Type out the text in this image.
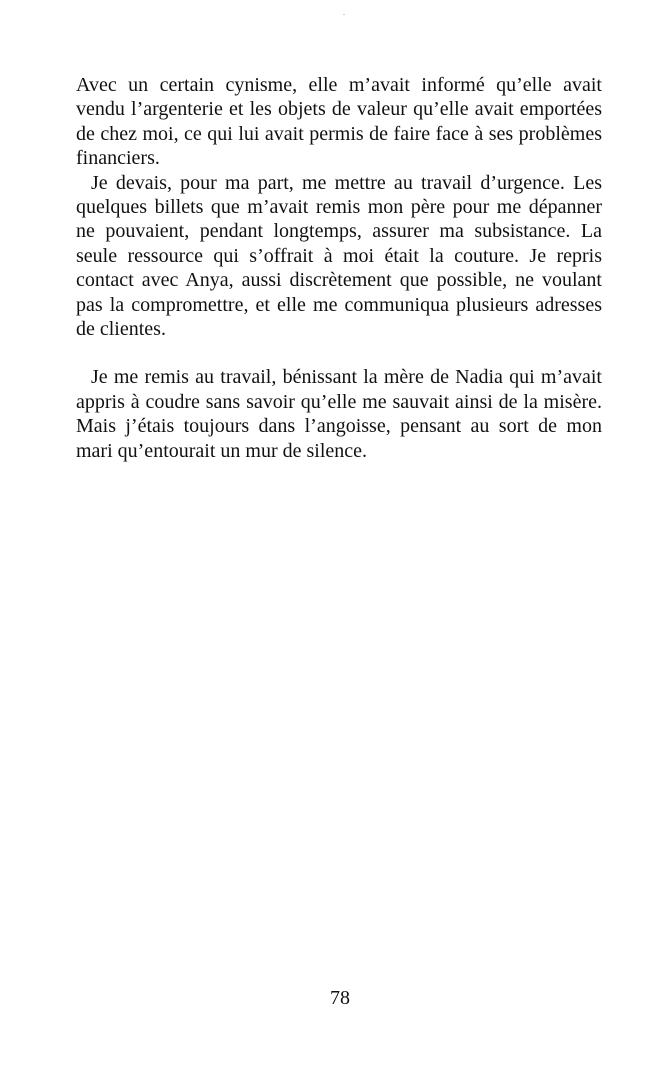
Avec un certain cynisme, elle m’avait informé qu’elle avait vendu l’argenterie et les objets de valeur qu’elle avait emportées de chez moi, ce qui lui avait permis de faire face à ses problèmes financiers.

Je devais, pour ma part, me mettre au travail d’urgence. Les quelques billets que m’avait remis mon père pour me dépanner ne pouvaient, pendant longtemps, assurer ma subsistance. La seule ressource qui s’offrait à moi était la couture. Je repris contact avec Anya, aussi discrètement que possible, ne voulant pas la compromettre, et elle me communiqua plusieurs adresses de clientes.

Je me remis au travail, bénissant la mère de Nadia qui m’avait appris à coudre sans savoir qu’elle me sauvait ainsi de la misère. Mais j’étais toujours dans l’angoisse, pensant au sort de mon mari qu’entourait un mur de silence.

78
